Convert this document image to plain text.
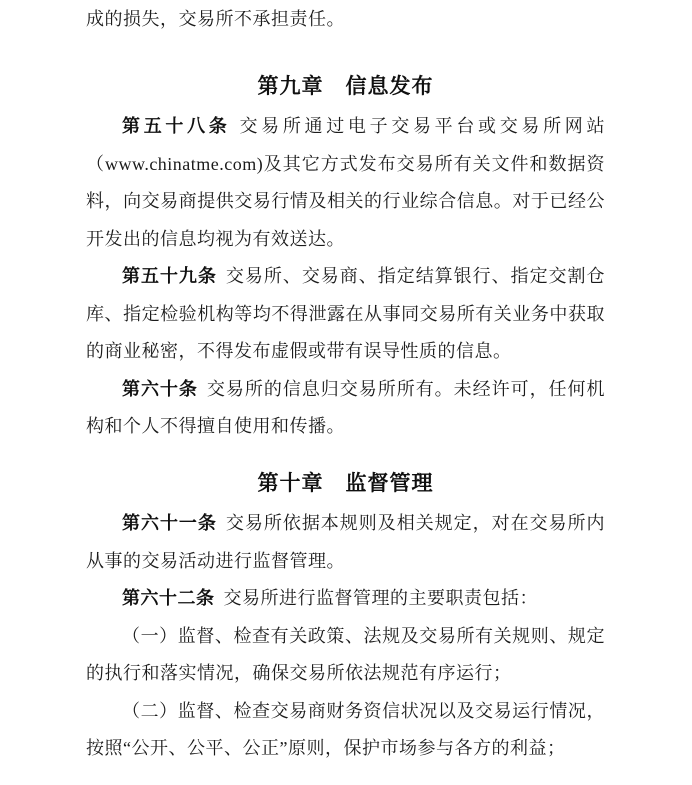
成的损失，交易所不承担责任。

第九章　信息发布

第五十八条 交易所通过电子交易平台或交易所网站（www.chinatme.com)及其它方式发布交易所有关文件和数据资料，向交易商提供交易行情及相关的行业综合信息。对于已经公开发出的信息均视为有效送达。

第五十九条 交易所、交易商、指定结算银行、指定交割仓库、指定检验机构等均不得泄露在从事同交易所有关业务中获取的商业秘密，不得发布虚假或带有误导性质的信息。

第六十条 交易所的信息归交易所所有。未经许可，任何机构和个人不得擅自使用和传播。

第十章　监督管理

第六十一条 交易所依据本规则及相关规定，对在交易所内从事的交易活动进行监督管理。

第六十二条 交易所进行监督管理的主要职责包括：

（一）监督、检查有关政策、法规及交易所有关规则、规定的执行和落实情况，确保交易所依法规范有序运行；

（二）监督、检查交易商财务资信状况以及交易运行情况，按照“公开、公平、公正”原则，保护市场参与各方的利益；
